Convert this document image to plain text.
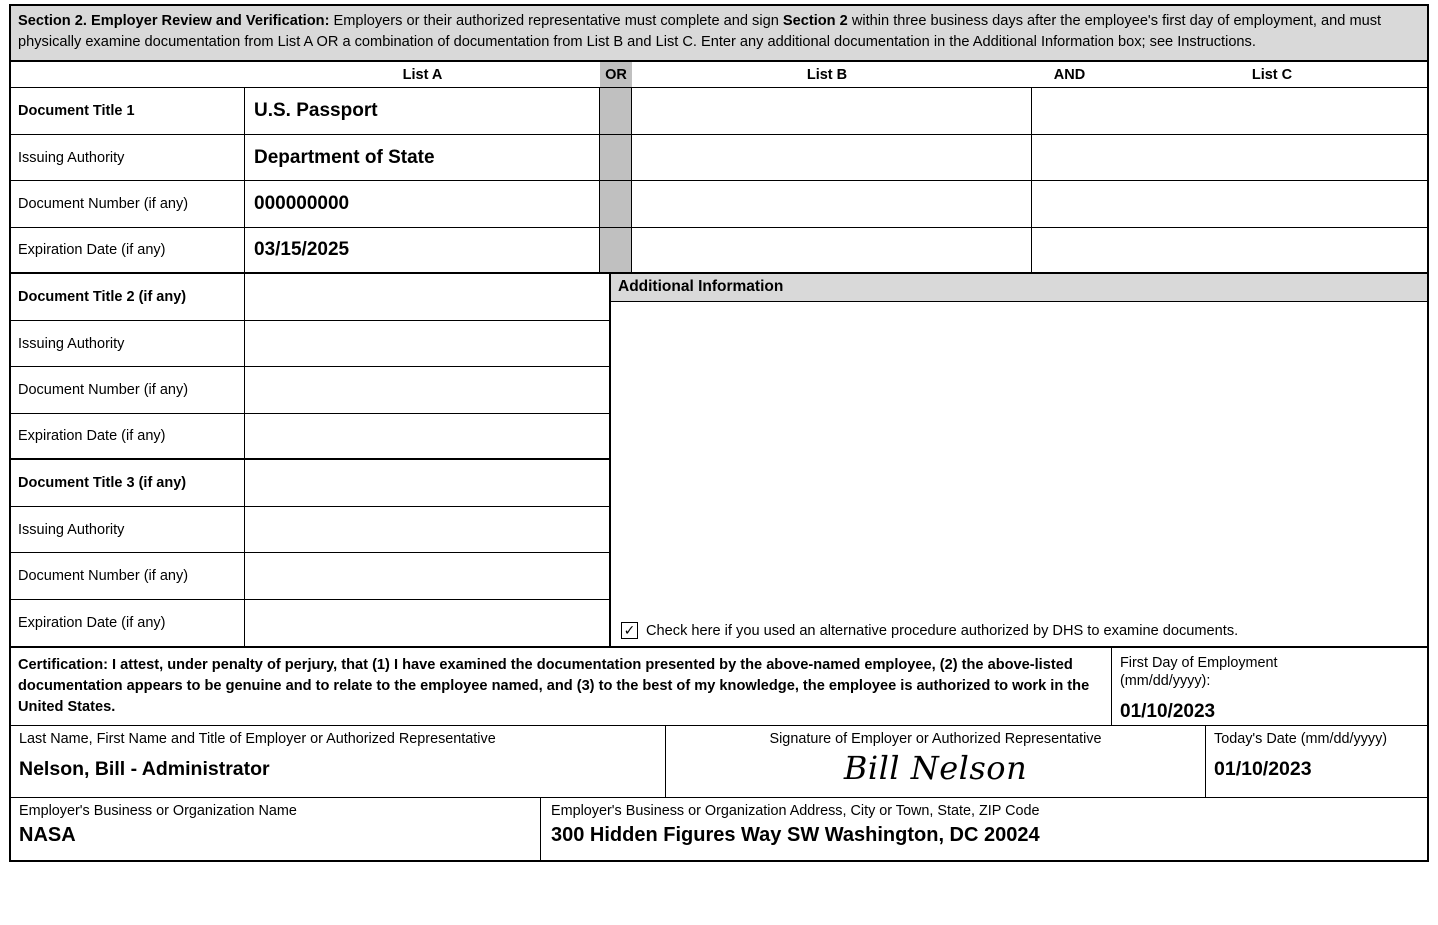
Section 2. Employer Review and Verification: Employers or their authorized representative must complete and sign Section 2 within three business days after the employee's first day of employment, and must physically examine documentation from List A OR a combination of documentation from List B and List C. Enter any additional documentation in the Additional Information box; see Instructions.
List A	OR	List B	AND	List C
Document Title 1	U.S. Passport
Issuing Authority	Department of State
Document Number (if any)	000000000
Expiration Date (if any)	03/15/2025
Document Title 2 (if any)
Issuing Authority
Document Number (if any)
Expiration Date (if any)
Document Title 3 (if any)
Issuing Authority
Document Number (if any)
Expiration Date (if any)
Additional Information
✓ Check here if you used an alternative procedure authorized by DHS to examine documents.
Certification: I attest, under penalty of perjury, that (1) I have examined the documentation presented by the above-named employee, (2) the above-listed documentation appears to be genuine and to relate to the employee named, and (3) to the best of my knowledge, the employee is authorized to work in the United States.
First Day of Employment
(mm/dd/yyyy):
01/10/2023
Last Name, First Name and Title of Employer or Authorized Representative
Nelson, Bill - Administrator
Signature of Employer or Authorized Representative
Bill Nelson
Today's Date (mm/dd/yyyy)
01/10/2023
Employer's Business or Organization Name
NASA
Employer's Business or Organization Address, City or Town, State, ZIP Code
300 Hidden Figures Way SW Washington, DC 20024
